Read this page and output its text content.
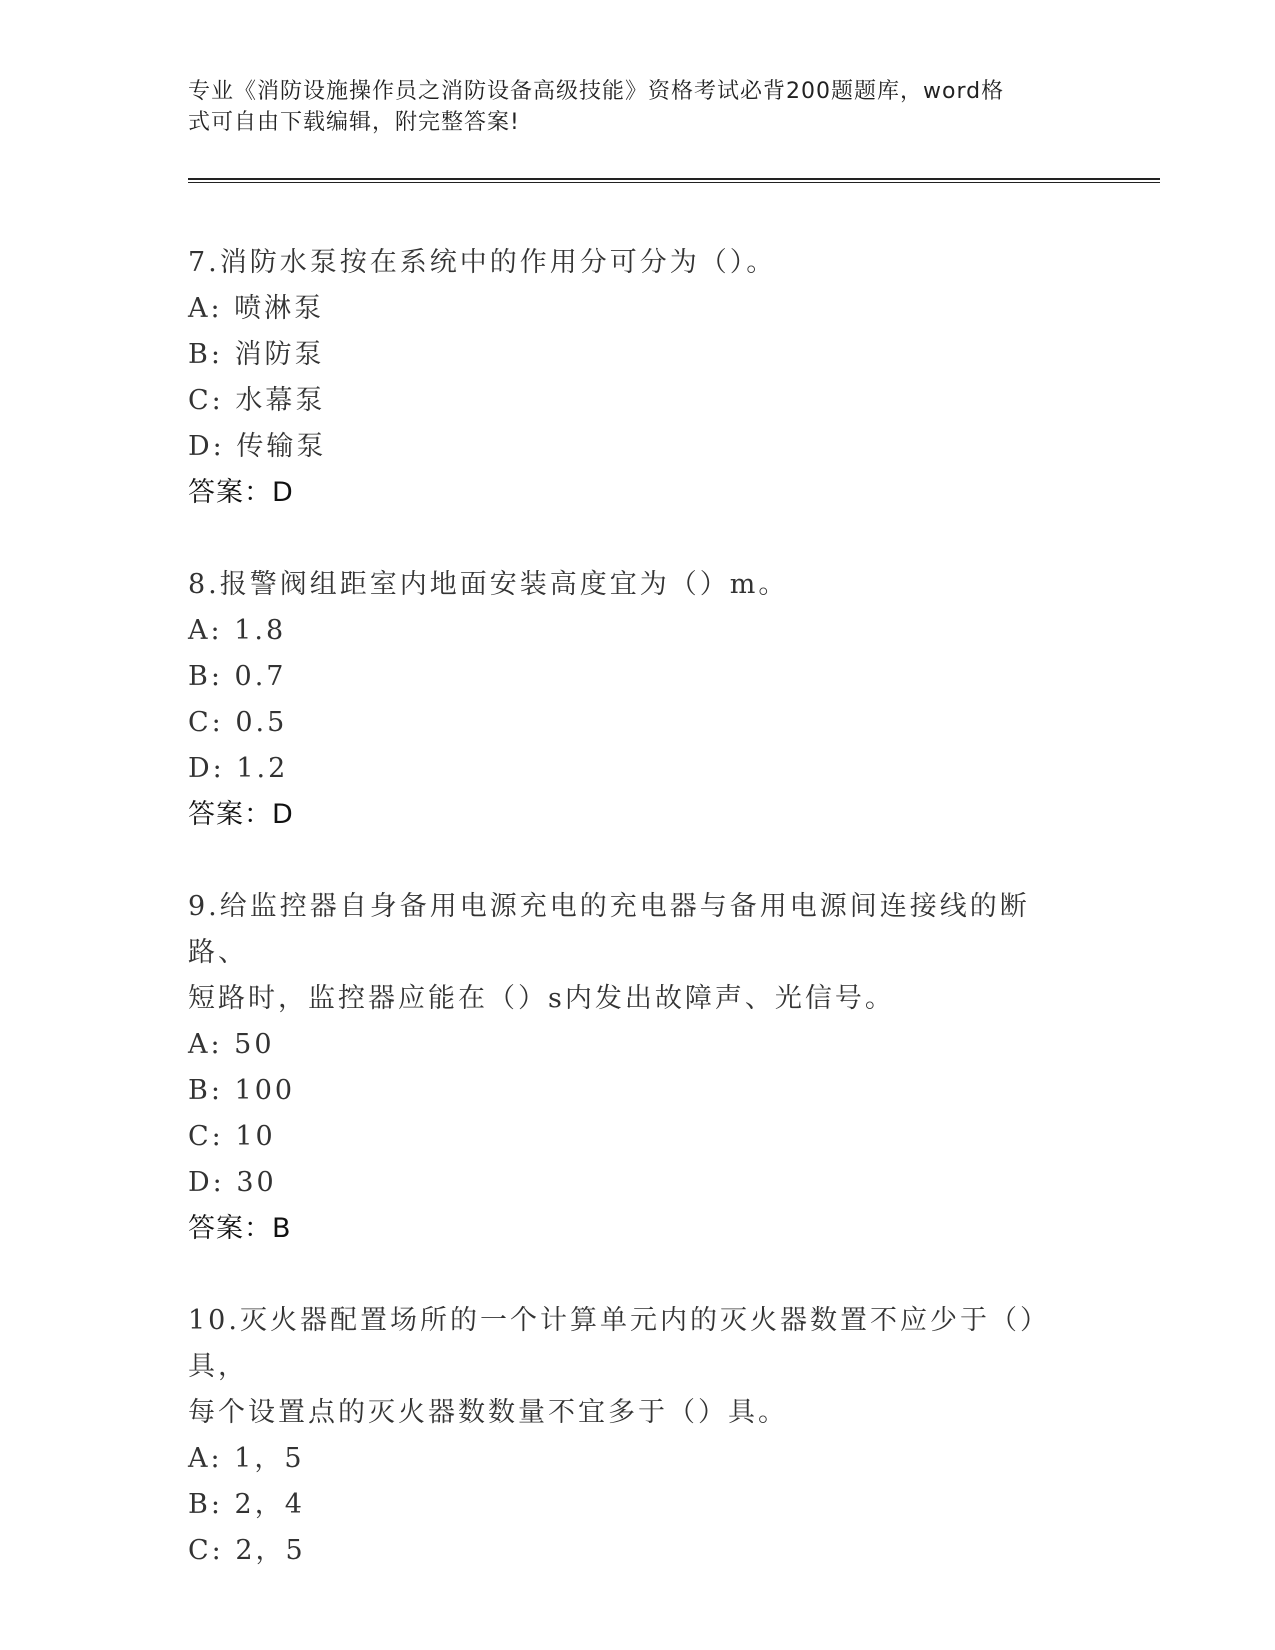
专业《消防设施操作员之消防设备高级技能》资格考试必背200题题库，word格
式可自由下载编辑，附完整答案!
7.消防水泵按在系统中的作用分可分为（）。
A: 喷淋泵
B: 消防泵
C: 水幕泵
D: 传输泵
答案：D
8.报警阀组距室内地面安装高度宜为（）m。
A: 1.8
B: 0.7
C: 0.5
D: 1.2
答案：D
9.给监控器自身备用电源充电的充电器与备用电源间连接线的断路、
短路时，监控器应能在（）s内发出故障声、光信号。
A: 50
B: 100
C: 10
D: 30
答案：B
10.灭火器配置场所的一个计算单元内的灭火器数置不应少于（）具，
每个设置点的灭火器数数量不宜多于（）具。
A: 1，5
B: 2，4
C: 2，5
